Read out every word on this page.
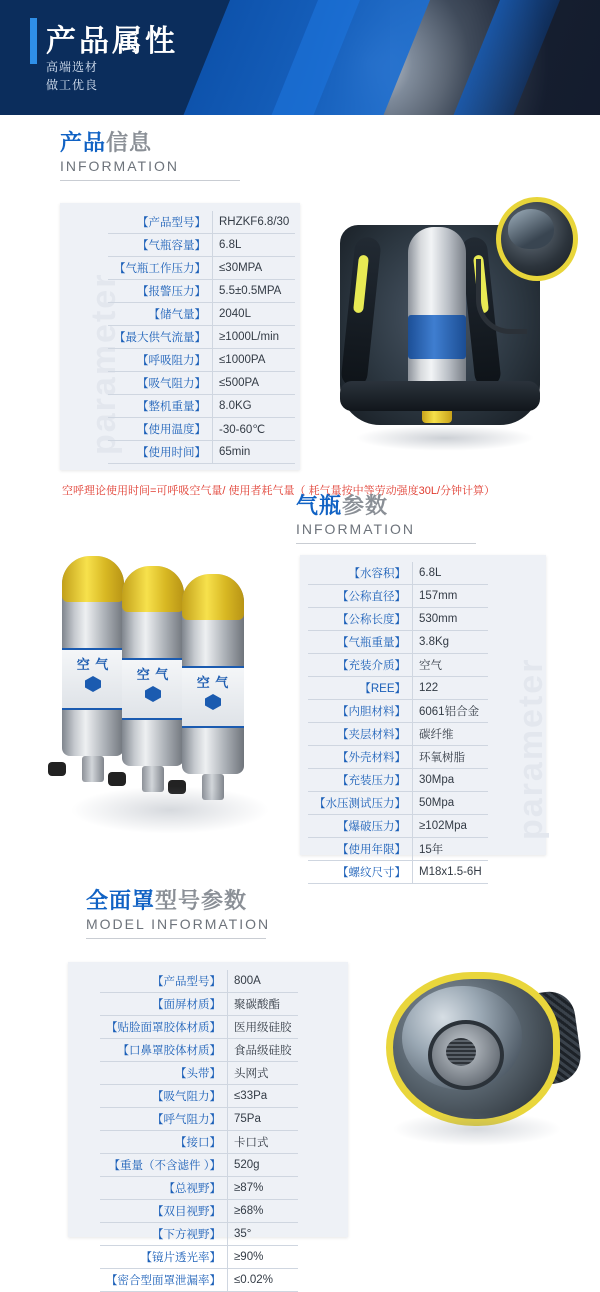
产品属性
高端选材
做工优良
产品信息
INFORMATION
parameter
【产品型号】	RHZKF6.8/30
【气瓶容量】	6.8L
【气瓶工作压力】	≤30MPA
【报警压力】	5.5±0.5MPA
【储气量】	2040L
【最大供气流量】	≥1000L/min
【呼吸阻力】	≤1000PA
【吸气阻力】	≤500PA
【整机重量】	8.0KG
【使用温度】	-30-60℃
【使用时间】	65min
空呼理论使用时间=可呼吸空气量/ 使用者耗气量（ 耗气量按中等劳动强度30L/分钟计算）
气瓶参数
INFORMATION
parameter
【水容积】	6.8L
【公称直径】	157mm
【公称长度】	530mm
【气瓶重量】	3.8Kg
【充装介质】	空气
【REE】	122
【内胆材料】	6061铝合金
【夹层材料】	碳纤维
【外壳材料】	环氧树脂
【充装压力】	30Mpa
【水压测试压力】	50Mpa
【爆破压力】	≥102Mpa
【使用年限】	15年
【螺纹尺寸】	M18x1.5-6H
空 气
空 气
空 气
全面罩型号参数
MODEL INFORMATION
【产品型号】	800A
【面屏材质】	聚碳酸酯
【贴脸面罩胶体材质】	医用级硅胶
【口鼻罩胶体材质】	食品级硅胶
【头带】	头网式
【吸气阻力】	≤33Pa
【呼气阻力】	75Pa
【接口】	卡口式
【重量（不含滤件 ）】	520g
【总视野】	≥87%
【双目视野】	≥68%
【下方视野】	35°
【镜片透光率】	≥90%
【密合型面罩泄漏率】	≤0.02%
